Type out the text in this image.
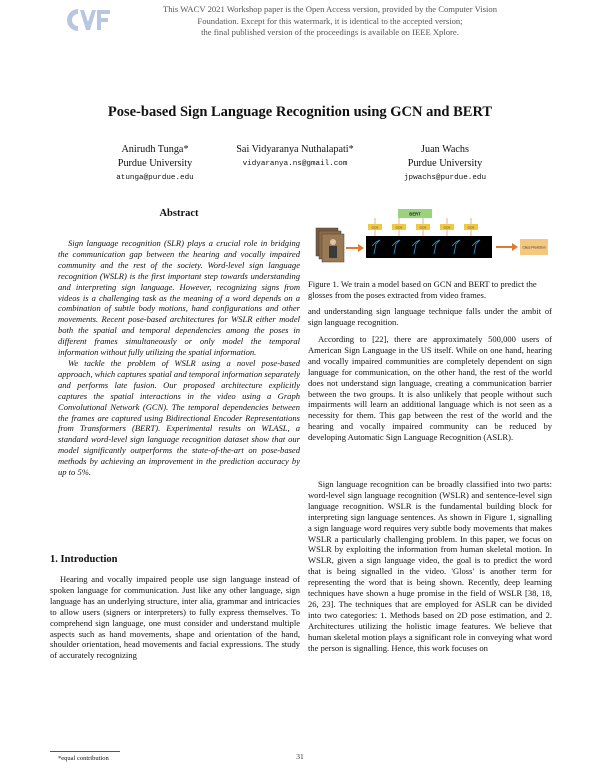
CVF	This WACV 2021 Workshop paper is the Open Access version, provided by the Computer Vision
Foundation. Except for this watermark, it is identical to the accepted version;
the final published version of the proceedings is available on IEEE Xplore.
Pose-based Sign Language Recognition using GCN and BERT
Anirudh Tunga*
Purdue University
atunga@purdue.edu
Sai Vidyaranya Nuthalapati*
vidyaranya.ns@gmail.com
Juan Wachs
Purdue University
jpwachs@purdue.edu
Abstract
Sign language recognition (SLR) plays a crucial role in bridging the communication gap between the hearing and vocally impaired community and the rest of the society. Word-level sign language recognition (WSLR) is the first important step towards understanding and interpreting sign language. However, recognizing signs from videos is a challenging task as the meaning of a word depends on a combination of subtle body motions, hand configurations and other movements. Recent pose-based architectures for WSLR either model both the spatial and temporal dependencies among the poses in different frames simultaneously or only model the temporal information without fully utilizing the spatial information.
We tackle the problem of WSLR using a novel pose-based approach, which captures spatial and temporal information separately and performs late fusion. Our proposed architecture explicitly captures the spatial interactions in the video using a Graph Convolutional Network (GCN). The temporal dependencies between the frames are captured using Bidirectional Encoder Representations from Transformers (BERT). Experimental results on WLASL, a standard word-level sign language recognition dataset show that our model significantly outperforms the state-of-the-art on pose-based methods by achieving an improvement in the prediction accuracy by up to 5%.
1. Introduction
Hearing and vocally impaired people use sign language instead of spoken language for communication. Just like any other language, sign language has an underlying structure, inter alia, grammar and intricacies to allow users (signers or interpreters) to fully express themselves. To comprehend sign language, one must consider and understand multiple aspects such as hand movements, shape and orientation of the hand, shoulder orientation, head movements and facial expressions. The study of accurately recognizing
*equal contribution
GCN	GCN	GCN	GCN	GCN
BERT
Class Prediction
Figure 1. We train a model based on GCN and BERT to predict the glosses from the poses extracted from video frames.
and understanding sign language technique falls under the ambit of sign language recognition.
According to [22], there are approximately 500,000 users of American Sign Language in the US itself. While on one hand, hearing and vocally impaired communities are completely dependent on sign language for communication, on the other hand, the rest of the world does not understand sign language, creating a communication barrier between the two groups. It is also unlikely that people without such impairments will learn an additional language which is not seen as a necessity for them. This gap between the rest of the world and the hearing and vocally impaired community can be reduced by developing Automatic Sign Language Recognition (ASLR).
Sign language recognition can be broadly classified into two parts: word-level sign language recognition (WSLR) and sentence-level sign language recognition. WSLR is the fundamental building block for interpreting sign language sentences. As shown in Figure 1, signalling a sign language word requires very subtle body movements that makes WSLR a particularly challenging problem. In this paper, we focus on WSLR by exploiting the information from human skeletal motion. In WSLR, given a sign language video, the goal is to predict the word that is being signalled in the video. 'Gloss' is another term for representing the word that is being shown. Recently, deep learning techniques have shown a huge promise in the field of WSLR [38, 18, 26, 23]. The techniques that are employed for ASLR can be divided into two categories: 1. Methods based on 2D pose estimation, and 2. Architectures utilizing the holistic image features. We believe that human skeletal motion plays a significant role in conveying what word the person is signalling. Hence, this work focuses on
31
